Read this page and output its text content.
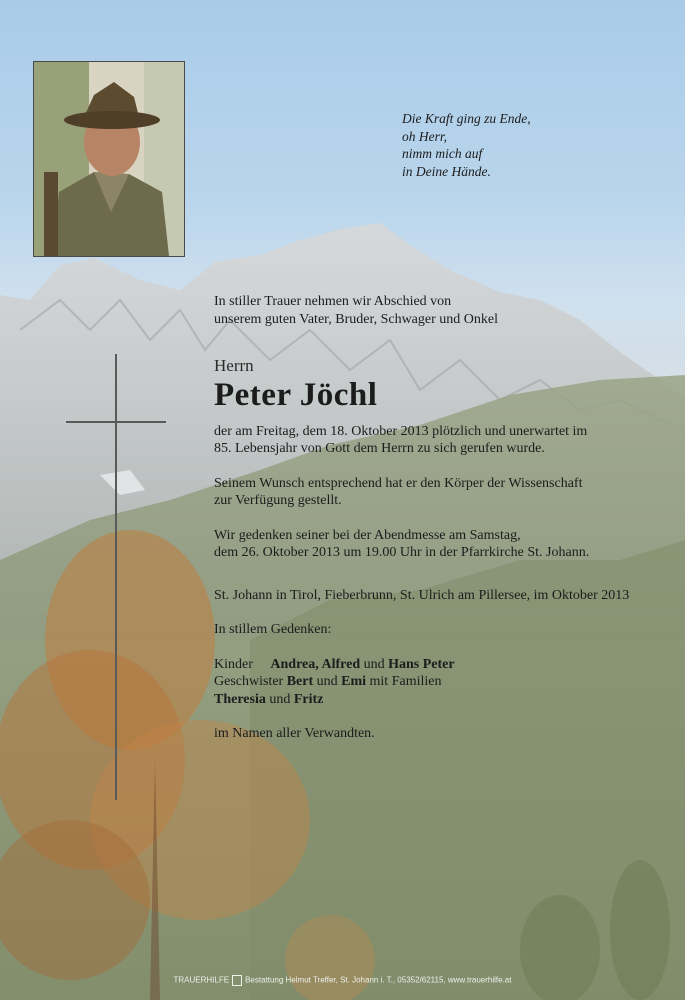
Die Kraft ging zu Ende,
oh Herr,
nimm mich auf
in Deine Hände.

In stiller Trauer nehmen wir Abschied von

unserem guten Vater, Bruder, Schwager und Onkel

Herrn

Peter Jöchl

der am Freitag, dem 18. Oktober 2013 plötzlich und unerwartet im

85. Lebensjahr von Gott dem Herrn zu sich gerufen wurde.

Seinem Wunsch entsprechend hat er den Körper der Wissenschaft

zur Verfügung gestellt.

Wir gedenken seiner bei der Abendmesse am Samstag,

dem 26. Oktober 2013 um 19.00 Uhr in der Pfarrkirche St. Johann.

St. Johann in Tirol, Fieberbrunn, St. Ulrich am Pillersee, im Oktober 2013

In stillem Gedenken:

Kinder Andrea, Alfred und Hans Peter

Geschwister Bert und Emi mit Familien

Theresia und Fritz

im Namen aller Verwandten.

TRAUERHILFE Bestattung Helmut Treffer, St. Johann i. T., 05352/62115, www.trauerhilfe.at
